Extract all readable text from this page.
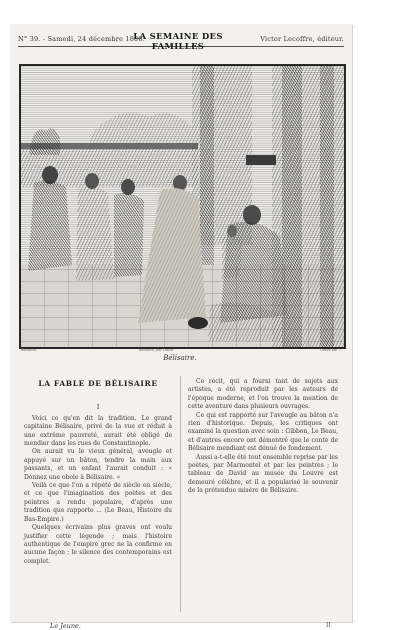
N° 39. - Samedi, 24 décembre 1880.
LA SEMAINE DES FAMILLES
Victor Lecoffre, éditeur.
Belisaire.	Bélisaire, par David.	Gravé par ...
Bélisaire.
LA FABLE DE BÉLISAIRE
I

Voici ce qu'en dit la tradition. Le grand capitaine Bélisaire, privé de la vue et réduit à une extrême pauvreté, aurait été obligé de mendier dans les rues de Constantinople.

On aurait vu le vieux général, aveugle et appuyé sur un bâton, tendre la main aux passants, et un enfant l'aurait conduit : « Donnez une obole à Bélisaire. »

Voilà ce que l'on a répété de siècle en siècle, et ce que l'imagination des poètes et des peintres a rendu populaire, d'après une tradition que rapporte ... (Le Beau, Histoire du Bas-Empire.)

Quelques écrivains plus graves ont voulu justifier cette légende ; mais l'histoire authentique de l'empire grec ne la confirme en aucune façon ; le silence des contemporains est complet.

Ce récit, qui a fourni tant de sujets aux artistes, a été reproduit par les auteurs de l'époque moderne, et l'on trouve la mention de cette aventure dans plusieurs ouvrages.

Ce qui est rapporté sur l'aveugle au bâton n'a rien d'historique. Depuis, les critiques ont examiné la question avec soin : Gibbon, Le Beau, et d'autres encore ont démontré que le conte de Bélisaire mendiant est dénué de fondement.

Aussi a-t-elle été tout ensemble reprise par les poètes, par Marmontel et par les peintres ; le tableau de David au musée du Louvre est demeuré célèbre, et il a popularisé le souvenir de la prétendue misère de Bélisaire.

Le Jeune.	II
